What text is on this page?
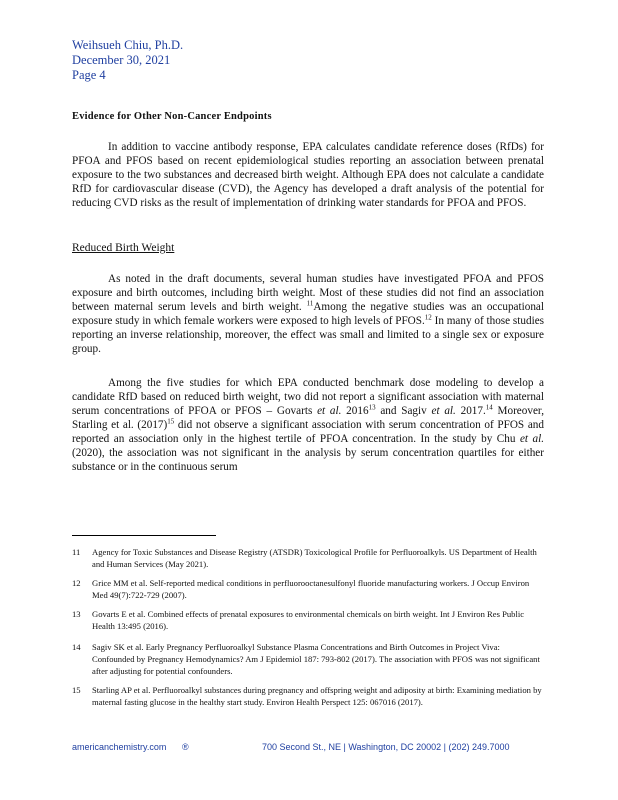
Weihsueh Chiu, Ph.D.
December 30, 2021
Page 4
Evidence for Other Non-Cancer Endpoints
In addition to vaccine antibody response, EPA calculates candidate reference doses (RfDs) for PFOA and PFOS based on recent epidemiological studies reporting an association between prenatal exposure to the two substances and decreased birth weight. Although EPA does not calculate a candidate RfD for cardiovascular disease (CVD), the Agency has developed a draft analysis of the potential for reducing CVD risks as the result of implementation of drinking water standards for PFOA and PFOS.
Reduced Birth Weight
As noted in the draft documents, several human studies have investigated PFOA and PFOS exposure and birth outcomes, including birth weight. Most of these studies did not find an association between maternal serum levels and birth weight. $^{11}$Among the negative studies was an occupational exposure study in which female workers were exposed to high levels of PFOS.$^{12}$ In many of those studies reporting an inverse relationship, moreover, the effect was small and limited to a single sex or exposure group.
Among the five studies for which EPA conducted benchmark dose modeling to develop a candidate RfD based on reduced birth weight, two did not report a significant association with maternal serum concentrations of PFOA or PFOS – Govarts et al. 2016$^{13}$ and Sagiv et al. 2017.14 Moreover, Starling et al. $(2017)^{15}$ did not observe a significant association with serum concentration of PFOS and reported an association only in the highest tertile of PFOA concentration. In the study by Chu et al. (2020), the association was not significant in the analysis by serum concentration quartiles for either substance or in the continuous serum
11 Agency for Toxic Substances and Disease Registry (ATSDR) Toxicological Profile for Perfluoroalkyls. US Department of Health and Human Services (May 2021).
12 Grice MM et al. Self-reported medical conditions in perfluorooctanesulfonyl fluoride manufacturing workers. J Occup Environ Med 49(7):722-729 (2007).
13 Govarts E et al. Combined effects of prenatal exposures to environmental chemicals on birth weight. Int J Environ Res Public Health 13:495 (2016).
14 Sagiv SK et al. Early Pregnancy Perfluoroalkyl Substance Plasma Concentrations and Birth Outcomes in Project Viva: Confounded by Pregnancy Hemodynamics? Am J Epidemiol 187: 793-802 (2017). The association with PFOS was not significant after adjusting for potential confounders.
15 Starling AP et al. Perfluoroalkyl substances during pregnancy and offspring weight and adiposity at birth: Examining mediation by maternal fasting glucose in the healthy start study. Environ Health Perspect 125: 067016 (2017).
americanchemistry.com ®	700 Second St., NE | Washington, DC 20002 | (202) 249.7000
